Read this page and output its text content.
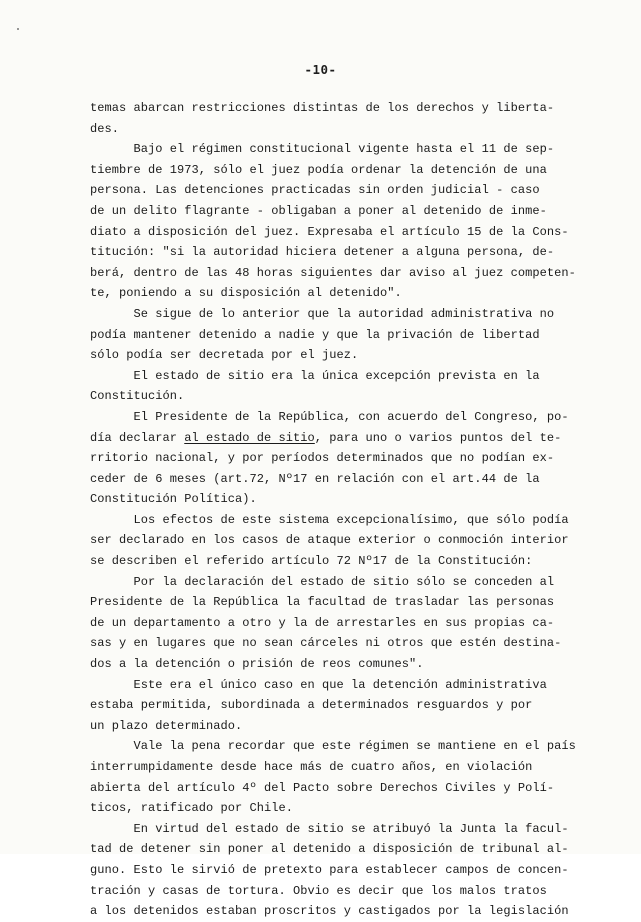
-10-
temas abarcan restricciones distintas de los derechos y liberta-
des.
Bajo el régimen constitucional vigente hasta el 11 de sep-
tiembre de 1973, sólo el juez podía ordenar la detención de una
persona. Las detenciones practicadas sin orden judicial - caso
de un delito flagrante - obligaban a poner al detenido de inme-
diato a disposición del juez. Expresaba el artículo 15 de la Cons-
titución: "si la autoridad hiciera detener a alguna persona, de-
berá, dentro de las 48 horas siguientes dar aviso al juez competen-
te, poniendo a su disposición al detenido".
Se sigue de lo anterior que la autoridad administrativa no
podía mantener detenido a nadie y que la privación de libertad
sólo podía ser decretada por el juez.
El estado de sitio era la única excepción prevista en la
Constitución.
El Presidente de la República, con acuerdo del Congreso, po-
día declarar al estado de sitio, para uno o varios puntos del te-
rritorio nacional, y por períodos determinados que no podían ex-
ceder de 6 meses (art.72, Nº17 en relación con el art.44 de la
Constitución Política).
Los efectos de este sistema excepcionalísimo, que sólo podía
ser declarado en los casos de ataque exterior o conmoción interior
se describen el referido artículo 72 Nº17 de la Constitución:
Por la declaración del estado de sitio sólo se conceden al
Presidente de la República la facultad de trasladar las personas
de un departamento a otro y la de arrestarles en sus propias ca-
sas y en lugares que no sean cárceles ni otros que estén destina-
dos a la detención o prisión de reos comunes".
Este era el único caso en que la detención administrativa
estaba permitida, subordinada a determinados resguardos y por
un plazo determinado.
Vale la pena recordar que este régimen se mantiene en el país
interrumpidamente desde hace más de cuatro años, en violación
abierta del artículo 4º del Pacto sobre Derechos Civiles y Polí-
ticos, ratificado por Chile.
En virtud del estado de sitio se atribuyó la Junta la facul-
tad de detener sin poner al detenido a disposición de tribunal al-
guno. Esto le sirvió de pretexto para establecer campos de concen-
tración y casas de tortura. Obvio es decir que los malos tratos
a los detenidos estaban proscritos y castigados por la legislación
